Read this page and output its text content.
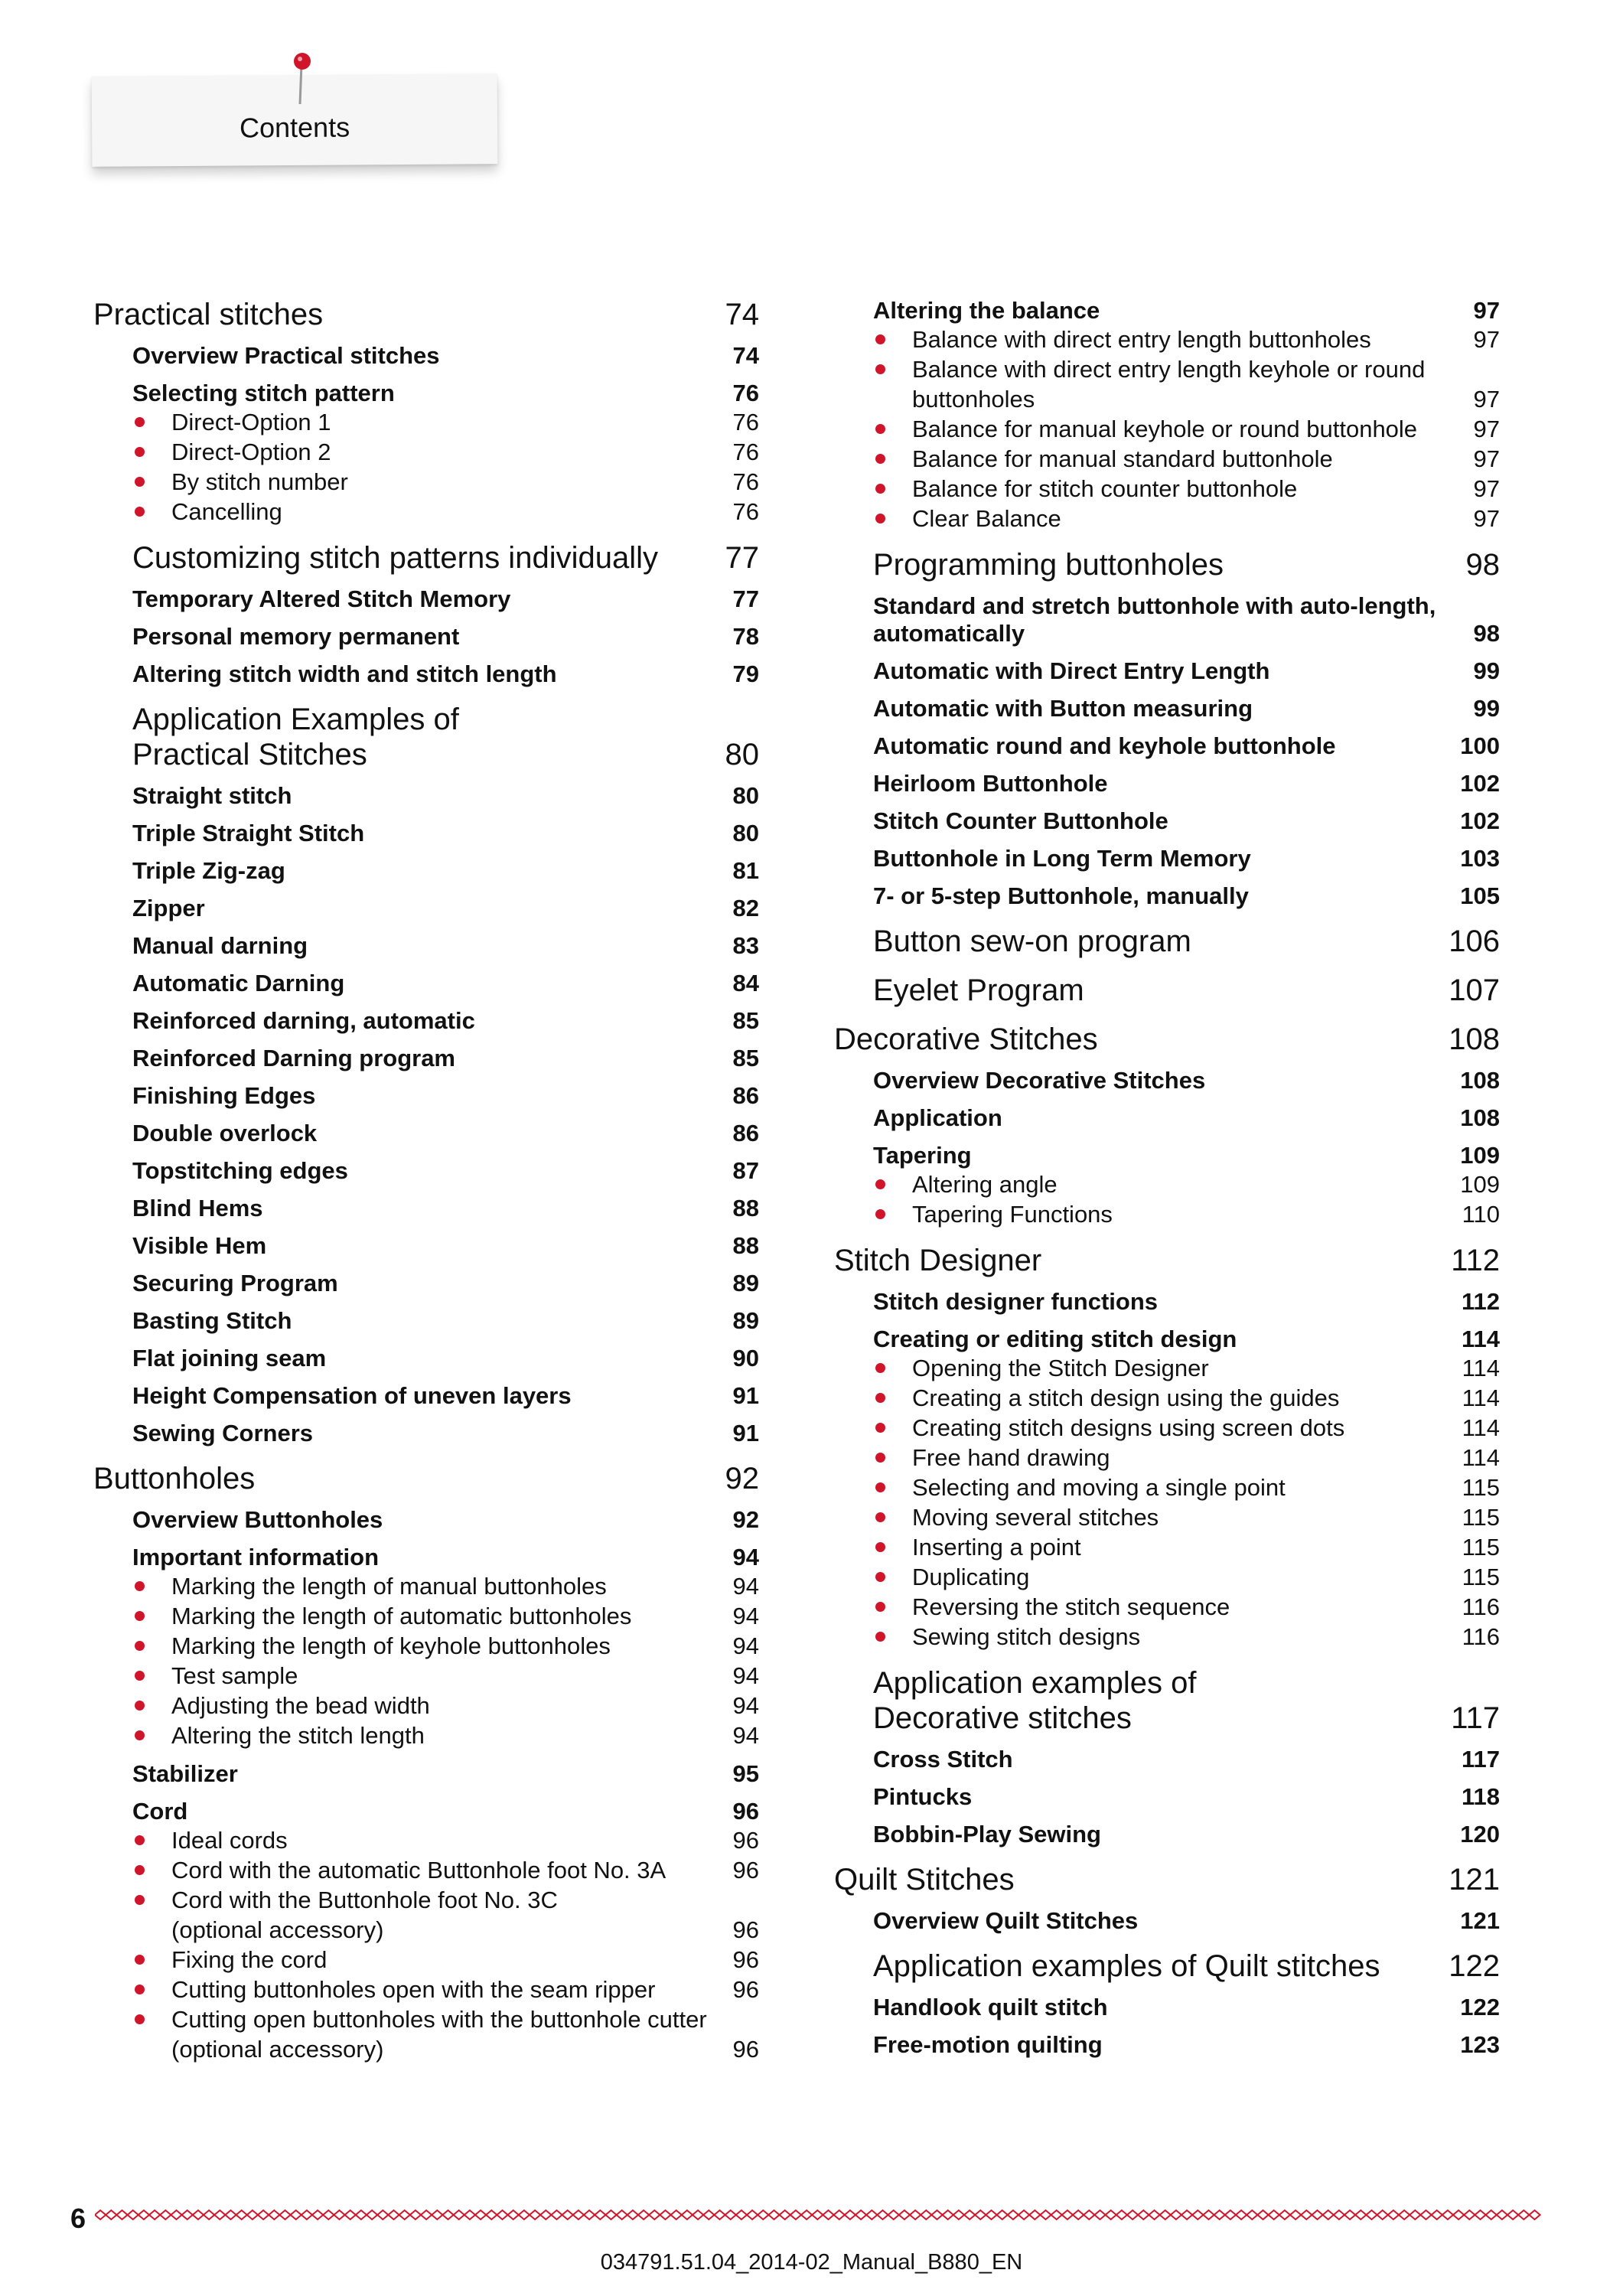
Contents
Practical stitches	74
Overview Practical stitches	74
Selecting stitch pattern	76
Direct-Option 1	76
Direct-Option 2	76
By stitch number	76
Cancelling	76
Customizing stitch patterns individually	77
Temporary Altered Stitch Memory	77
Personal memory permanent	78
Altering stitch width and stitch length	79
Application Examples of
Practical Stitches	80
Straight stitch	80
Triple Straight Stitch	80
Triple Zig-zag	81
Zipper	82
Manual darning	83
Automatic Darning	84
Reinforced darning, automatic	85
Reinforced Darning program	85
Finishing Edges	86
Double overlock	86
Topstitching edges	87
Blind Hems	88
Visible Hem	88
Securing Program	89
Basting Stitch	89
Flat joining seam	90
Height Compensation of uneven layers	91
Sewing Corners	91
Buttonholes	92
Overview Buttonholes	92
Important information	94
Marking the length of manual buttonholes	94
Marking the length of automatic buttonholes	94
Marking the length of keyhole buttonholes	94
Test sample	94
Adjusting the bead width	94
Altering the stitch length	94
Stabilizer	95
Cord	96
Ideal cords	96
Cord with the automatic Buttonhole foot No. 3A	96
Cord with the Buttonhole foot No. 3C
(optional accessory)	96
Fixing the cord	96
Cutting buttonholes open with the seam ripper	96
Cutting open buttonholes with the buttonhole cutter
(optional accessory)	96
Altering the balance	97
Balance with direct entry length buttonholes	97
Balance with direct entry length keyhole or round
buttonholes	97
Balance for manual keyhole or round buttonhole	97
Balance for manual standard buttonhole	97
Balance for stitch counter buttonhole	97
Clear Balance	97
Programming buttonholes	98
Standard and stretch buttonhole with auto-length,
automatically	98
Automatic with Direct Entry Length	99
Automatic with Button measuring	99
Automatic round and keyhole buttonhole	100
Heirloom Buttonhole	102
Stitch Counter Buttonhole	102
Buttonhole in Long Term Memory	103
7- or 5-step Buttonhole, manually	105
Button sew-on program	106
Eyelet Program	107
Decorative Stitches	108
Overview Decorative Stitches	108
Application	108
Tapering	109
Altering angle	109
Tapering Functions	110
Stitch Designer	112
Stitch designer functions	112
Creating or editing stitch design	114
Opening the Stitch Designer	114
Creating a stitch design using the guides	114
Creating stitch designs using screen dots	114
Free hand drawing	114
Selecting and moving a single point	115
Moving several stitches	115
Inserting a point	115
Duplicating	115
Reversing the stitch sequence	116
Sewing stitch designs	116
Application examples of
Decorative stitches	117
Cross Stitch	117
Pintucks	118
Bobbin-Play Sewing	120
Quilt Stitches	121
Overview Quilt Stitches	121
Application examples of Quilt stitches	122
Handlook quilt stitch	122
Free-motion quilting	123
6
034791.51.04_2014-02_Manual_B880_EN
